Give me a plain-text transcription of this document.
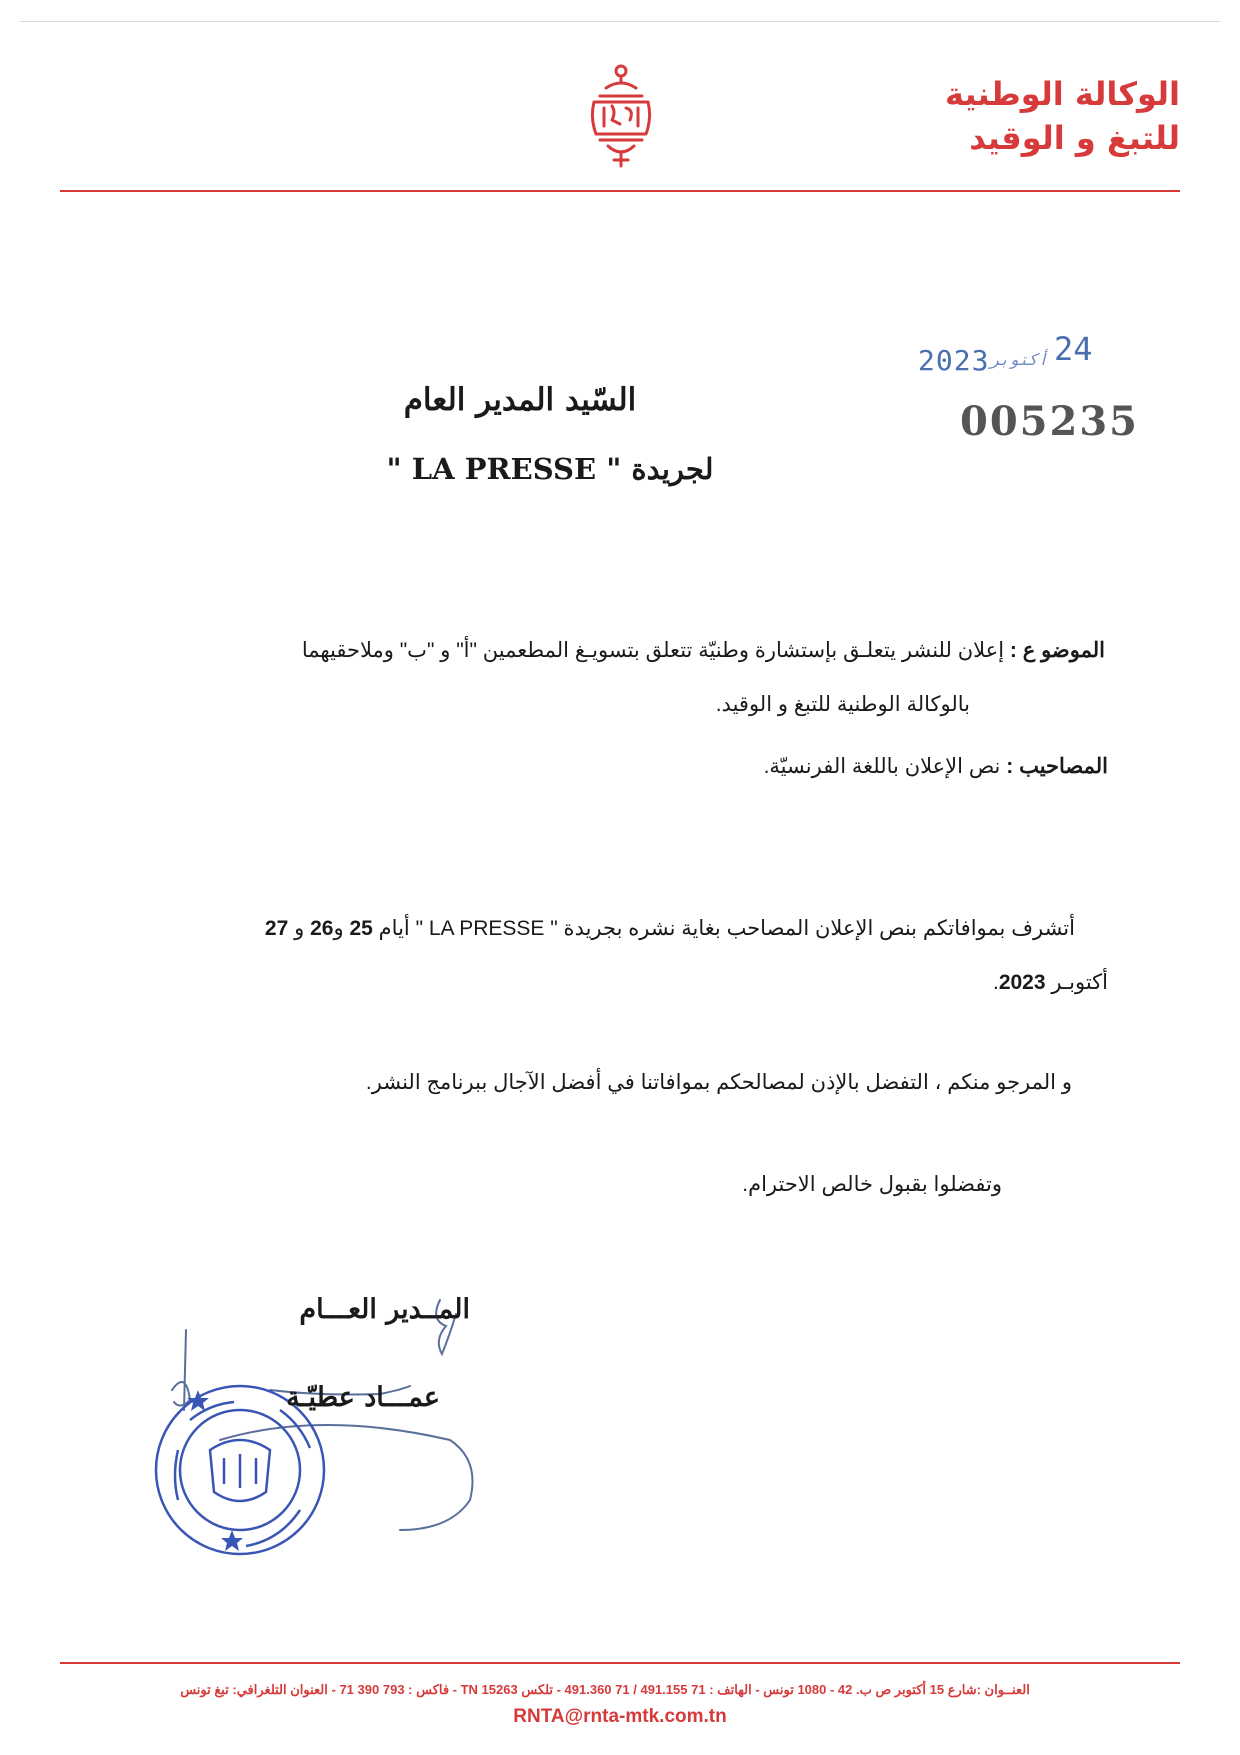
الوكالة الوطنية
للتبغ و الوقيد
2023 أكتوبر 24
005235
السّيد المدير العام
لجريدة " LA PRESSE "
الموضو ع : إعلان للنشر يتعلـق بإستشارة وطنيّة تتعلق بتسويـغ المطعمين "أ" و "ب" وملاحقيهما
بالوكالة الوطنية للتبغ و الوقيد.
المصاحيب : نص الإعلان باللغة الفرنسيّة.
أتشرف بموافاتكم بنص الإعلان المصاحب بغاية نشره بجريدة " LA PRESSE " أيام 25 و26 و 27
أكتوبـر 2023.
و المرجو منكم ، التفضل بالإذن لمصالحكم بموافاتنا في أفضل الآجال ببرنامج النشر.
وتفضلوا بقبول خالص الاحترام.
المــدير العـــام
عمـــاد عطيّـة
العنــوان :شارع 15 أكتوبر ص ب. 42 - 1080 تونس - الهاتف : 71 491.155 / 71 491.360 - تلكس TN 15263 - فاكس : 793 390 71 - العنوان التلغرافي: تبغ تونس
RNTA@rnta-mtk.com.tn
